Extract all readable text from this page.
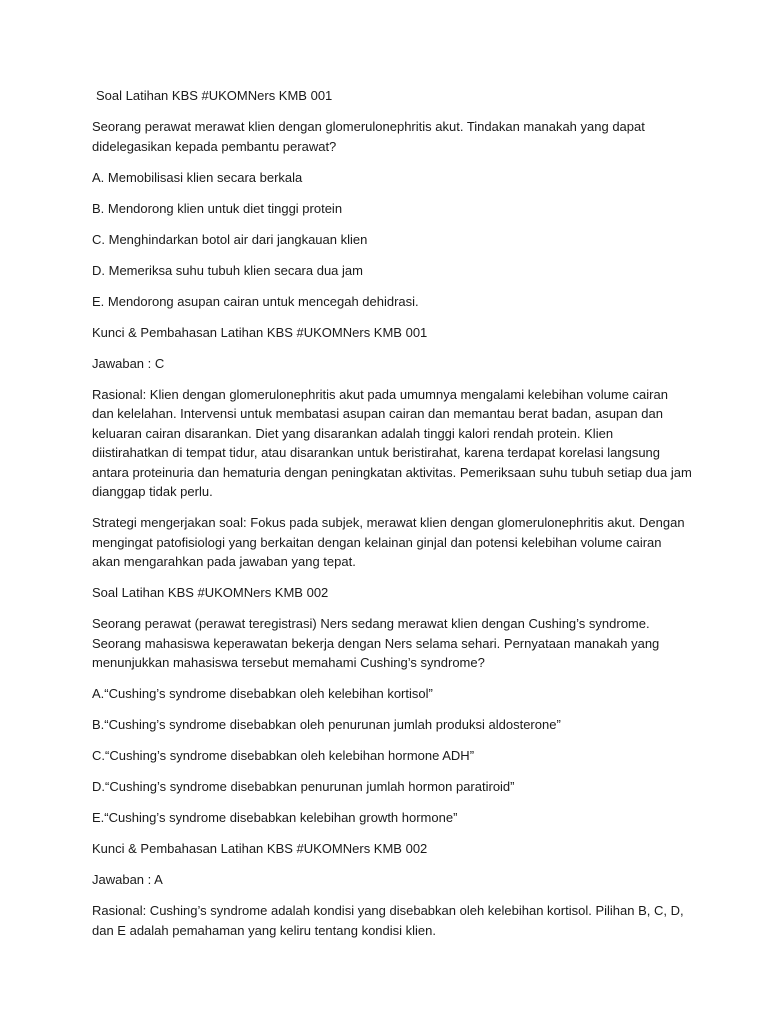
Soal Latihan KBS #UKOMNers KMB 001

Seorang perawat merawat klien dengan glomerulonephritis akut. Tindakan manakah yang dapat didelegasikan kepada pembantu perawat?

A. Memobilisasi klien secara berkala

B. Mendorong klien untuk diet tinggi protein

C. Menghindarkan botol air dari jangkauan klien

D. Memeriksa suhu tubuh klien secara dua jam

E. Mendorong asupan cairan untuk mencegah dehidrasi.

Kunci & Pembahasan Latihan KBS #UKOMNers KMB 001

Jawaban : C

Rasional: Klien dengan glomerulonephritis akut pada umumnya mengalami kelebihan volume cairan dan kelelahan. Intervensi untuk membatasi asupan cairan dan memantau berat badan, asupan dan keluaran cairan disarankan. Diet yang disarankan adalah tinggi kalori rendah protein. Klien diistirahatkan di tempat tidur, atau disarankan untuk beristirahat, karena terdapat korelasi langsung antara proteinuria dan hematuria dengan peningkatan aktivitas. Pemeriksaan suhu tubuh setiap dua jam dianggap tidak perlu.

Strategi mengerjakan soal: Fokus pada subjek, merawat klien dengan glomerulonephritis akut. Dengan mengingat patofisiologi yang berkaitan dengan kelainan ginjal dan potensi kelebihan volume cairan akan mengarahkan pada jawaban yang tepat.

Soal Latihan KBS #UKOMNers KMB 002

Seorang perawat (perawat teregistrasi) Ners sedang merawat klien dengan Cushing’s syndrome. Seorang mahasiswa keperawatan bekerja dengan Ners selama sehari. Pernyataan manakah yang menunjukkan mahasiswa tersebut memahami Cushing’s syndrome?

A.“Cushing’s syndrome disebabkan oleh kelebihan kortisol”

B.“Cushing’s syndrome disebabkan oleh penurunan jumlah produksi aldosterone”

C.“Cushing’s syndrome disebabkan oleh kelebihan hormone ADH”

D.“Cushing’s syndrome disebabkan penurunan jumlah hormon paratiroid”

E.“Cushing’s syndrome disebabkan kelebihan growth hormone”

Kunci & Pembahasan Latihan KBS #UKOMNers KMB 002

Jawaban : A

Rasional: Cushing’s syndrome adalah kondisi yang disebabkan oleh kelebihan kortisol. Pilihan B, C, D, dan E adalah pemahaman yang keliru tentang kondisi klien.
